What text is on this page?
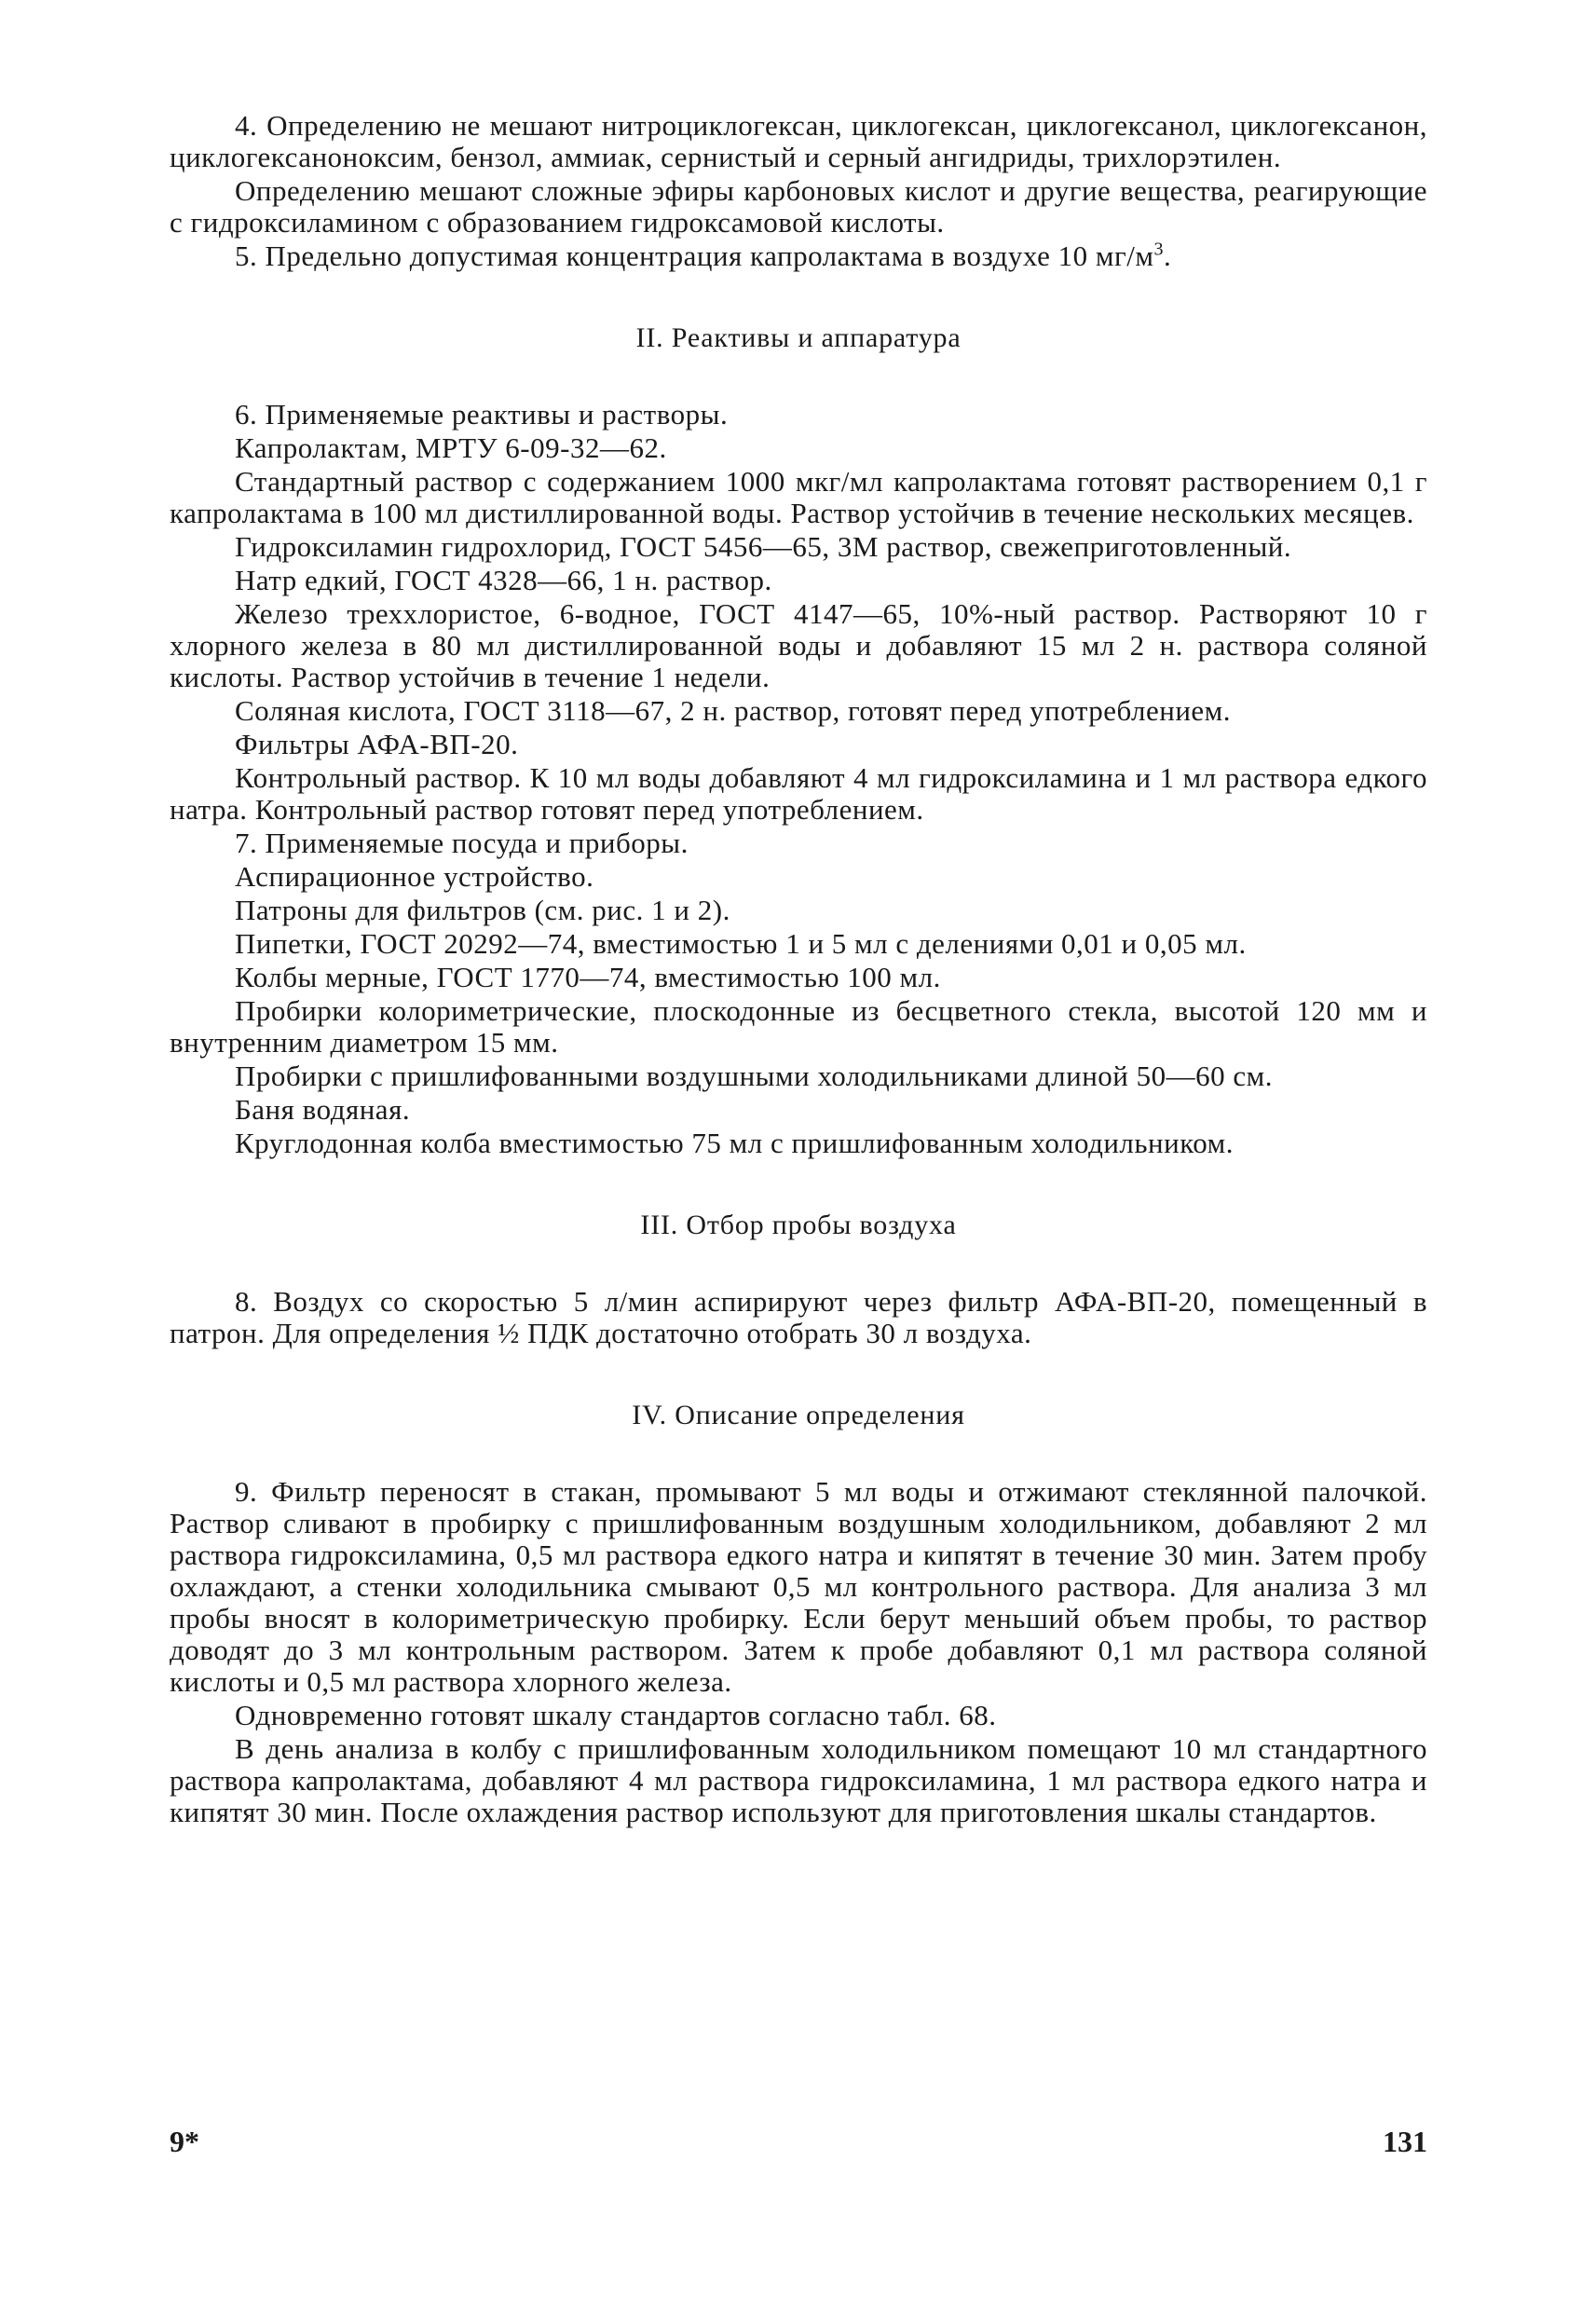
4. Определению не мешают нитроциклогексан, циклогексан, циклогексанол, циклогексанон, циклогексаноноксим, бензол, аммиак, сернистый и серный ангидриды, трихлорэтилен.

Определению мешают сложные эфиры карбоновых кислот и другие вещества, реагирующие с гидроксиламином с образованием гидроксамовой кислоты.

5. Предельно допустимая концентрация капролактама в воздухе 10 $мг/м^3$.

II. Реактивы и аппаратура

6. Применяемые реактивы и растворы.

Капролактам, МРТУ 6-09-32—62.

Стандартный раствор с содержанием 1000 мкг/мл капролактама готовят растворением 0,1 г капролактама в 100 мл дистиллированной воды. Раствор устойчив в течение нескольких месяцев.

Гидроксиламин гидрохлорид, ГОСТ 5456—65, 3М раствор, свежеприготовленный.

Натр едкий, ГОСТ 4328—66, 1 н. раствор.

Железо треххлористое, 6-водное, ГОСТ 4147—65, 10%-ный раствор. Растворяют 10 г хлорного железа в 80 мл дистиллированной воды и добавляют 15 мл 2 н. раствора соляной кислоты. Раствор устойчив в течение 1 недели.

Соляная кислота, ГОСТ 3118—67, 2 н. раствор, готовят перед употреблением.

Фильтры АФА-ВП-20.

Контрольный раствор. К 10 мл воды добавляют 4 мл гидроксиламина и 1 мл раствора едкого натра. Контрольный раствор готовят перед употреблением.

7. Применяемые посуда и приборы.

Аспирационное устройство.

Патроны для фильтров (см. рис. 1 и 2).

Пипетки, ГОСТ 20292—74, вместимостью 1 и 5 мл с делениями 0,01 и 0,05 мл.

Колбы мерные, ГОСТ 1770—74, вместимостью 100 мл.

Пробирки колориметрические, плоскодонные из бесцветного стекла, высотой 120 мм и внутренним диаметром 15 мм.

Пробирки с пришлифованными воздушными холодильниками длиной 50—60 см.

Баня водяная.

Круглодонная колба вместимостью 75 мл с пришлифованным холодильником.

III. Отбор пробы воздуха

8. Воздух со скоростью 5 л/мин аспирируют через фильтр АФА-ВП-20, помещенный в патрон. Для определения ½ ПДК достаточно отобрать 30 л воздуха.

IV. Описание определения

9. Фильтр переносят в стакан, промывают 5 мл воды и отжимают стеклянной палочкой. Раствор сливают в пробирку с пришлифованным воздушным холодильником, добавляют 2 мл раствора гидроксиламина, 0,5 мл раствора едкого натра и кипятят в течение 30 мин. Затем пробу охлаждают, а стенки холодильника смывают 0,5 мл контрольного раствора. Для анализа 3 мл пробы вносят в колориметрическую пробирку. Если берут меньший объем пробы, то раствор доводят до 3 мл контрольным раствором. Затем к пробе добавляют 0,1 мл раствора соляной кислоты и 0,5 мл раствора хлорного железа.

Одновременно готовят шкалу стандартов согласно табл. 68.

В день анализа в колбу с пришлифованным холодильником помещают 10 мл стандартного раствора капролактама, добавляют 4 мл раствора гидроксиламина, 1 мл раствора едкого натра и кипятят 30 мин. После охлаждения раствор используют для приготовления шкалы стандартов.

9*	131
